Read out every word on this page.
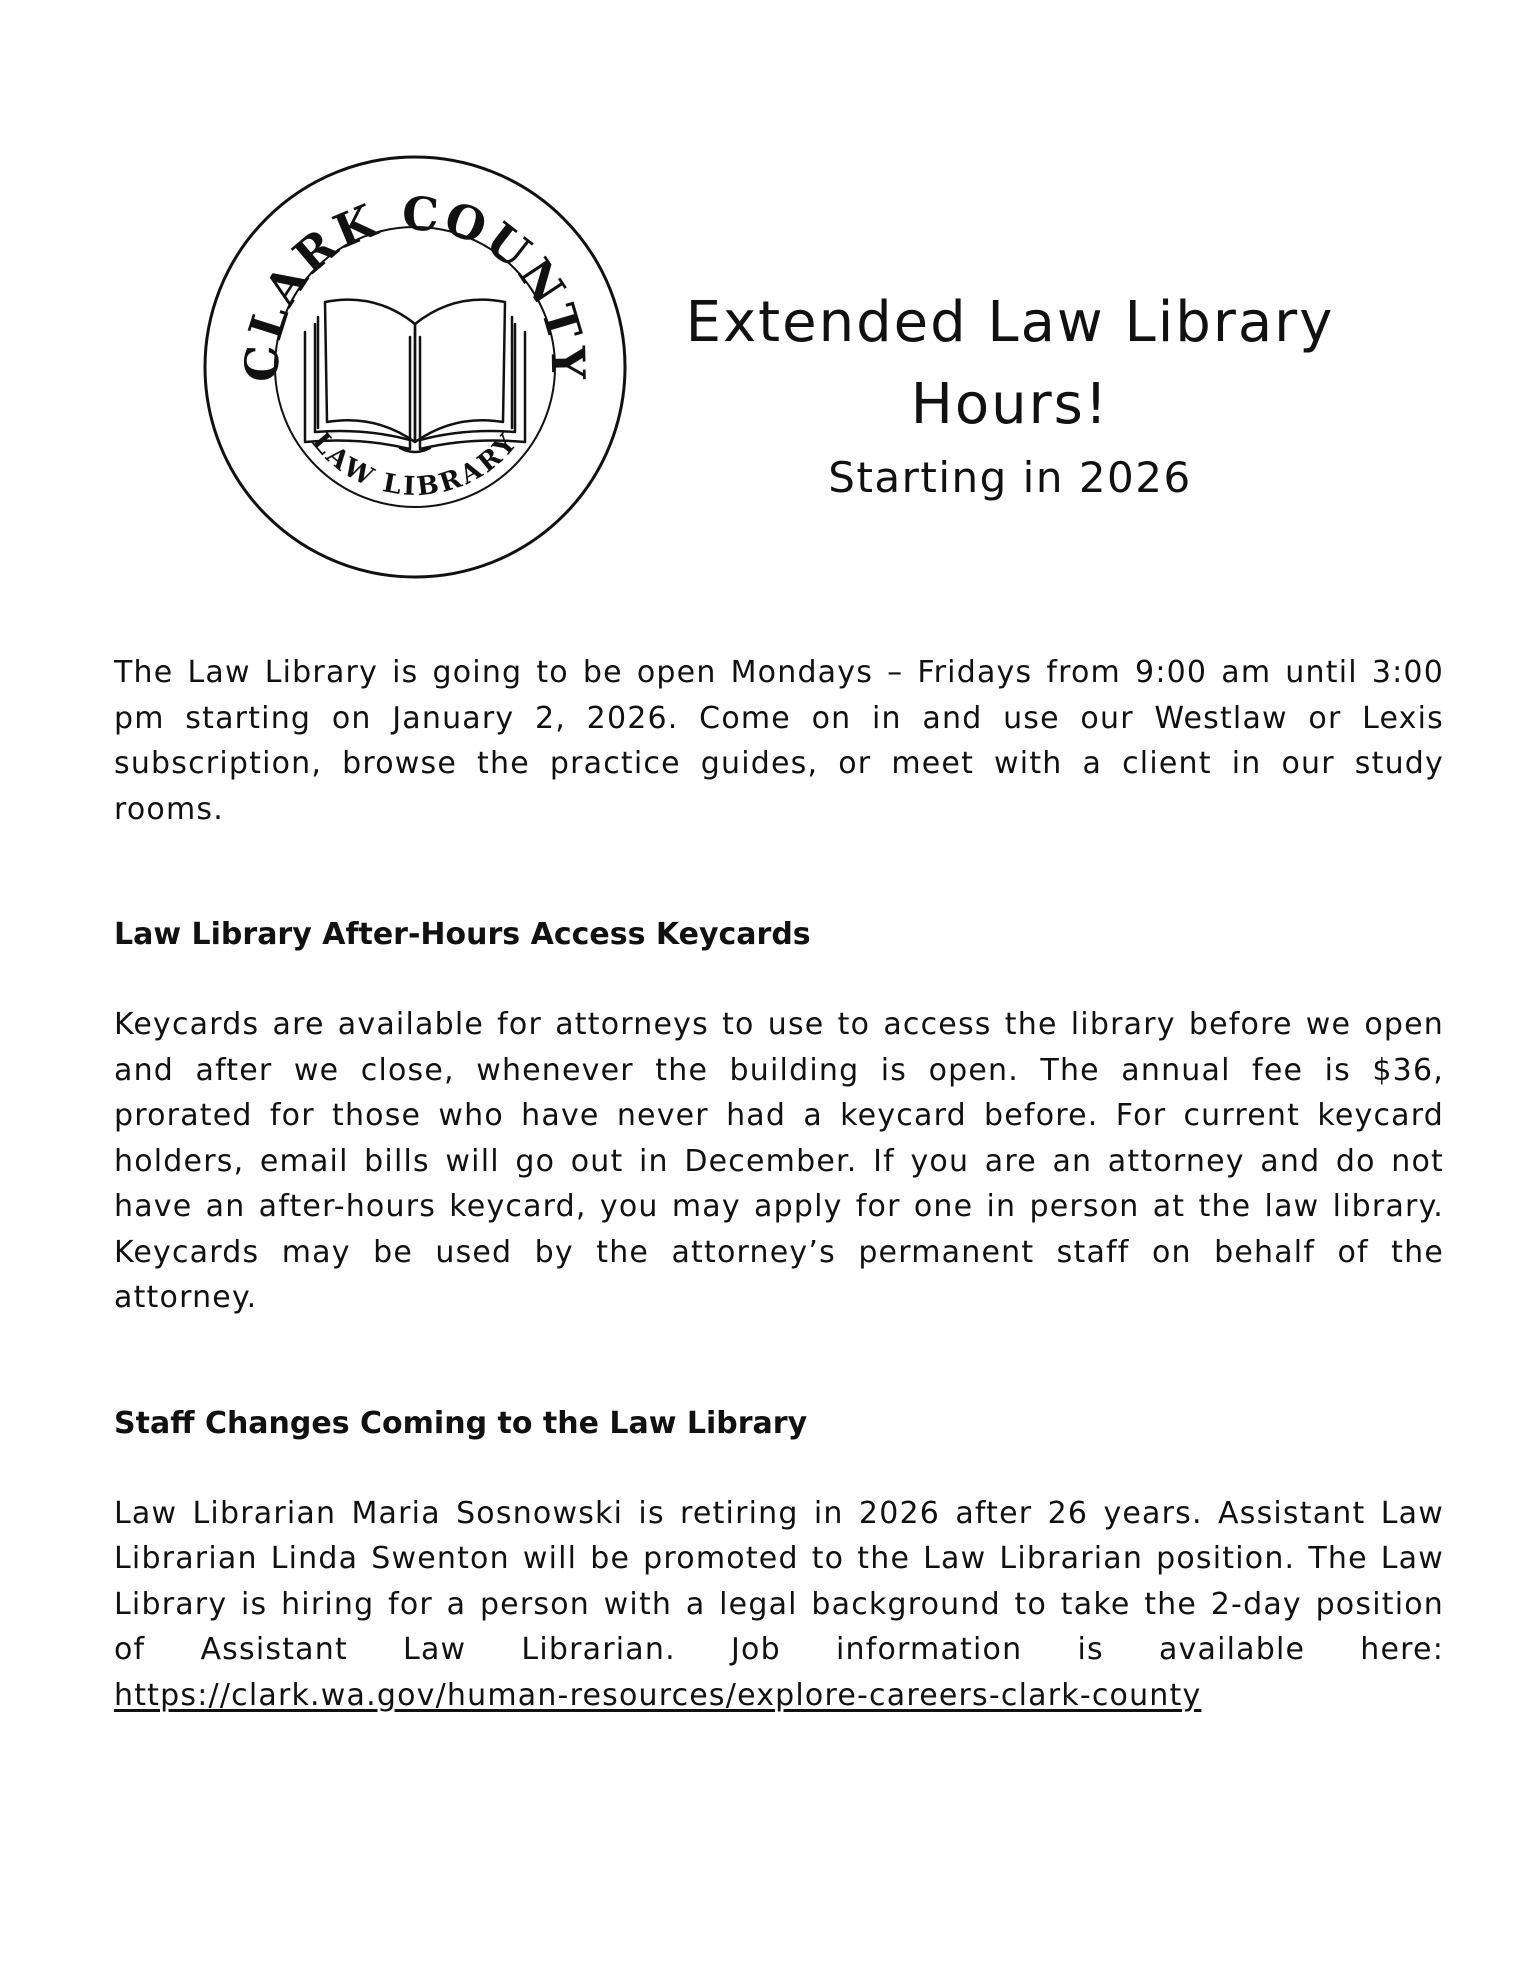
CLARK COUNTY
LAW LIBRARY
Extended Law Library
Hours!
Starting in 2026

The Law Library is going to be open Mondays – Fridays from 9:00 am until 3:00 pm starting on January 2, 2026. Come on in and use our Westlaw or Lexis subscription, browse the practice guides, or meet with a client in our study rooms.

Law Library After-Hours Access Keycards

Keycards are available for attorneys to use to access the library before we open and after we close, whenever the building is open. The annual fee is $36, prorated for those who have never had a keycard before. For current keycard holders, email bills will go out in December. If you are an attorney and do not have an after-hours keycard, you may apply for one in person at the law library. Keycards may be used by the attorney’s permanent staff on behalf of the attorney.

Staff Changes Coming to the Law Library

Law Librarian Maria Sosnowski is retiring in 2026 after 26 years. Assistant Law Librarian Linda Swenton will be promoted to the Law Librarian position. The Law Library is hiring for a person with a legal background to take the 2-day position of Assistant Law Librarian. Job information is available here: https://clark.wa.gov/human-resources/explore-careers-clark-county
